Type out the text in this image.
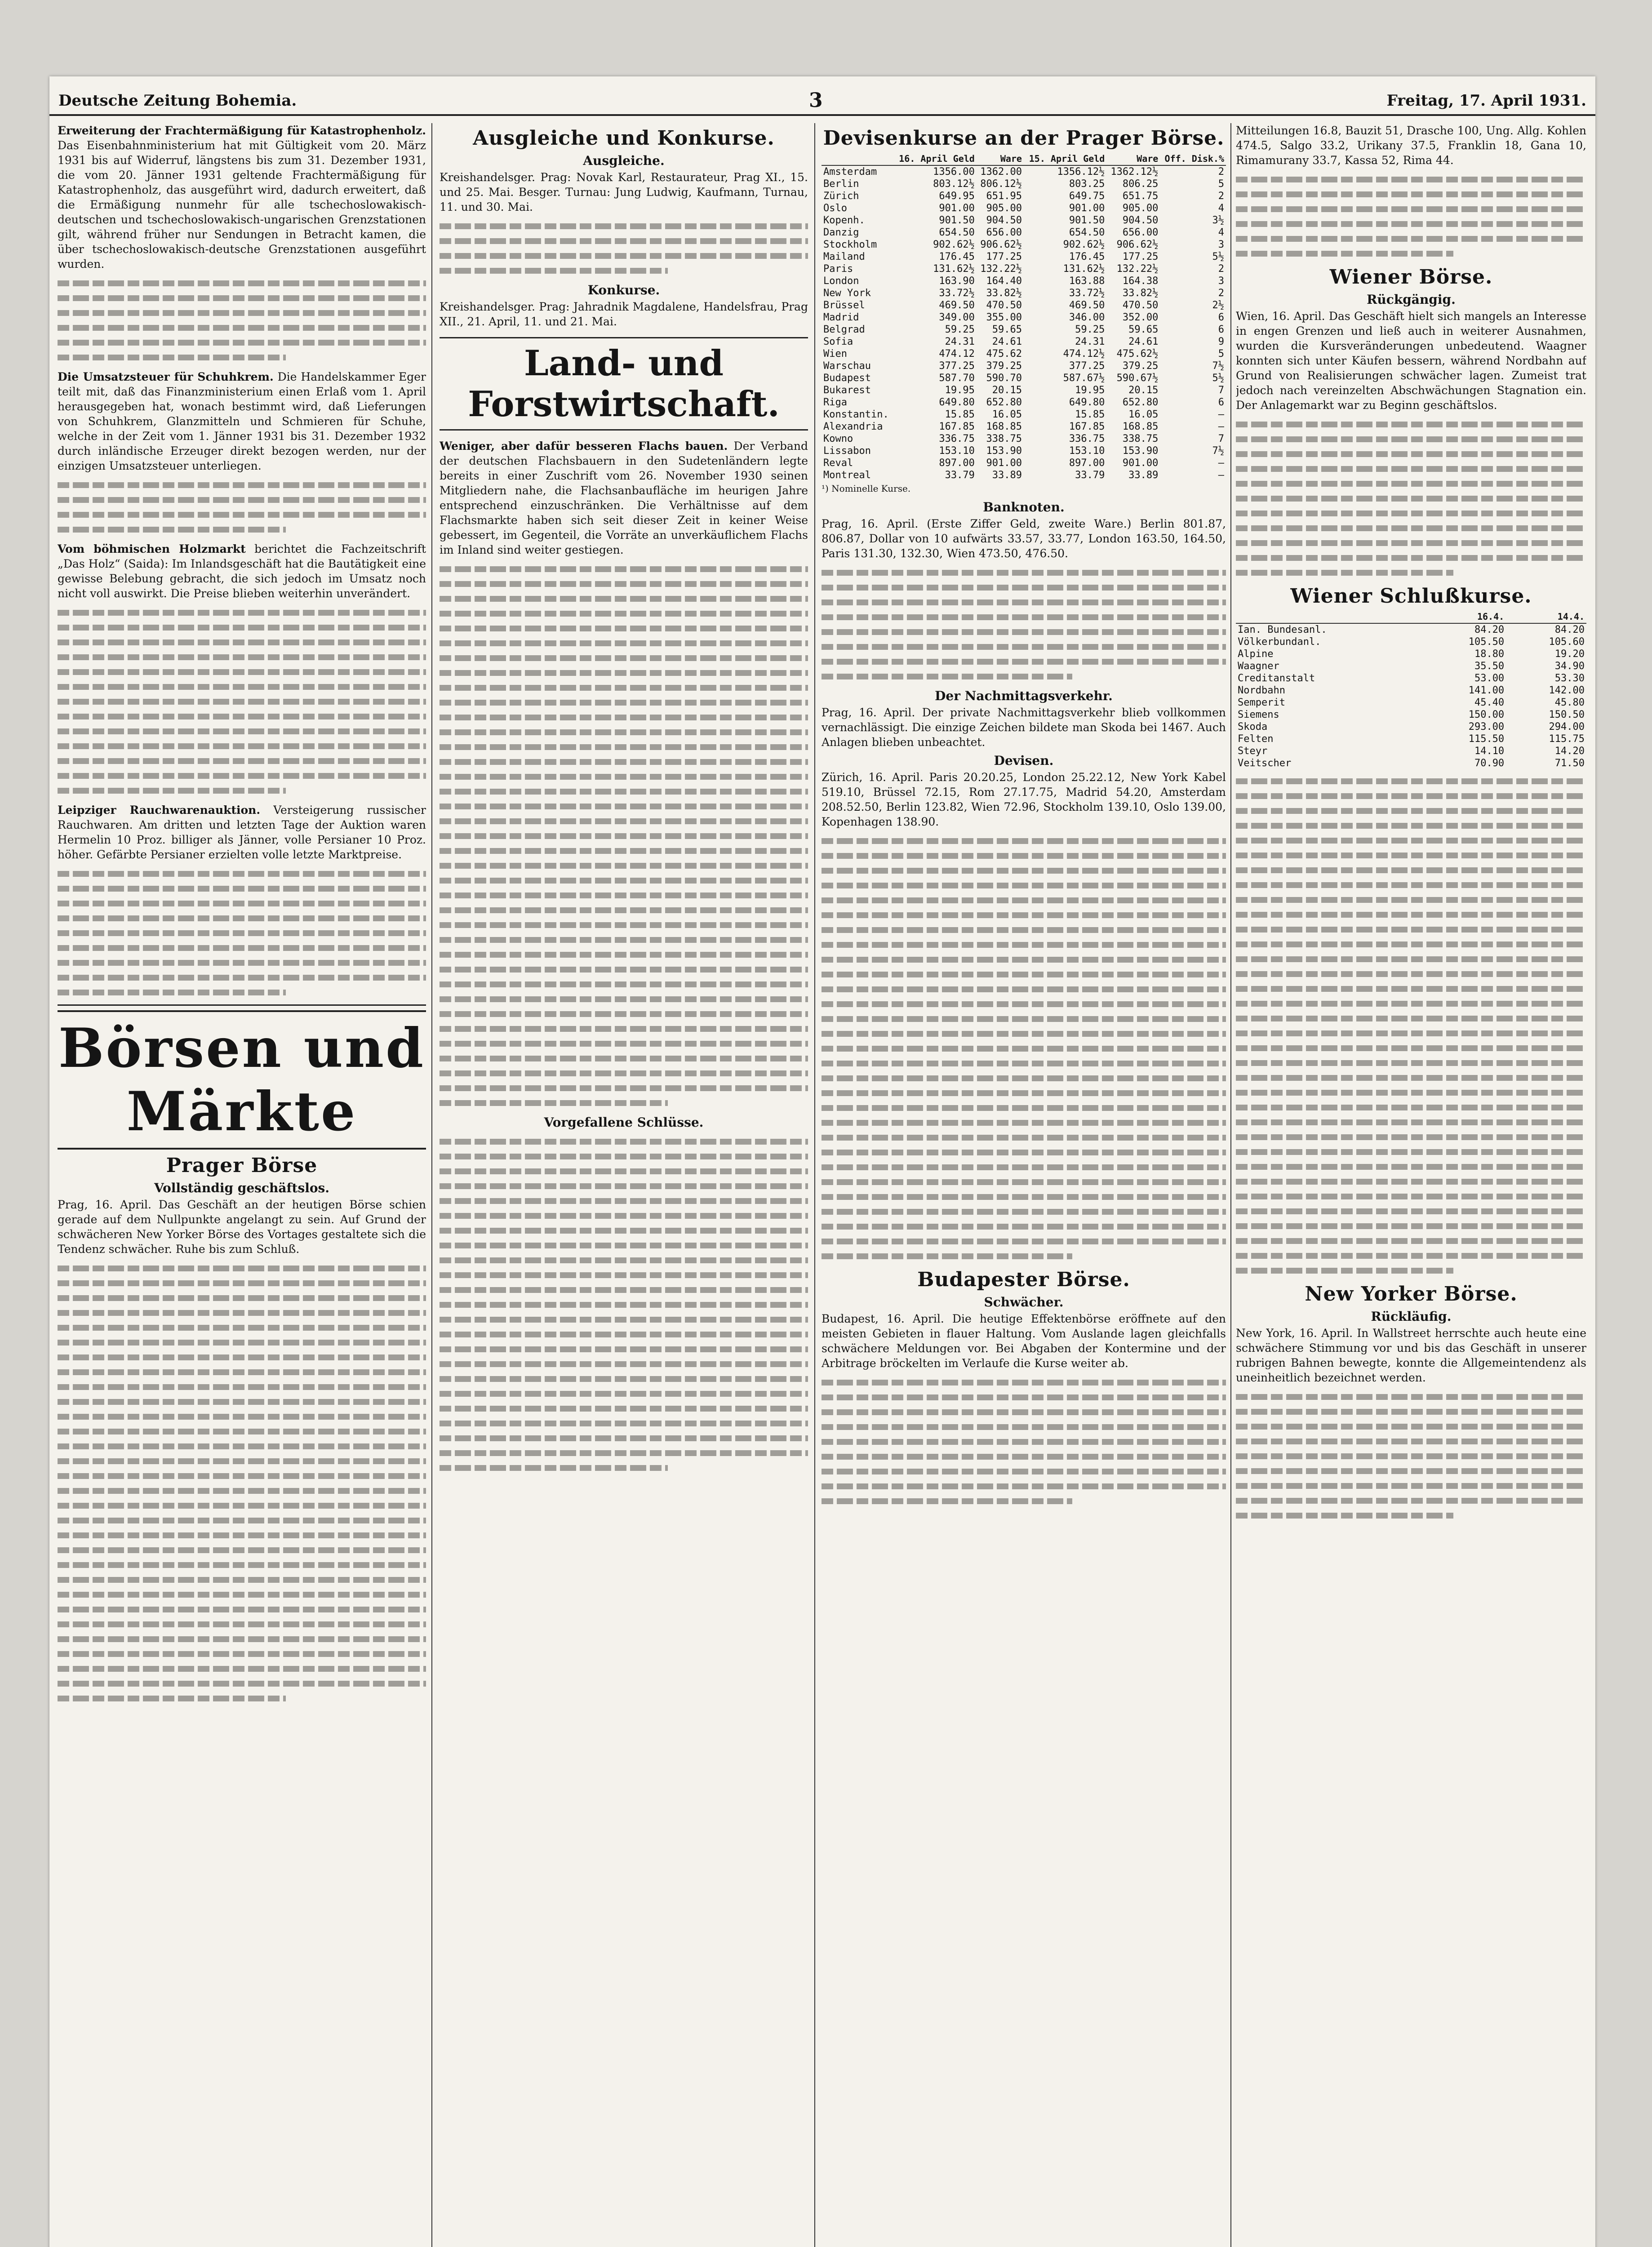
Deutsche Zeitung Bohemia.	3	Freitag, 17. April 1931.

Erweiterung der Frachtermäßigung für Katastrophenholz. Das Eisenbahnministerium hat mit Gültigkeit vom 20. März 1931 bis auf Widerruf, längstens bis zum 31. Dezember 1931, die vom 20. Jänner 1931 geltende Frachtermäßigung für Katastrophenholz, das ausgeführt wird, dadurch erweitert, daß die Ermäßigung nunmehr für alle tschechoslowakisch-deutschen und tschechoslowakisch-ungarischen Grenzstationen gilt, während früher nur Sendungen in Betracht kamen, die über tschechoslowakisch-deutsche Grenzstationen ausgeführt wurden.

Die Umsatzsteuer für Schuhkrem. Die Handelskammer Eger teilt mit, daß das Finanzministerium einen Erlaß vom 1. April herausgegeben hat, wonach bestimmt wird, daß Lieferungen von Schuhkrem, Glanzmitteln und Schmieren für Schuhe, welche in der Zeit vom 1. Jänner 1931 bis 31. Dezember 1932 durch inländische Erzeuger direkt bezogen werden, nur der einzigen Umsatzsteuer unterliegen.

Vom böhmischen Holzmarkt berichtet die Fachzeitschrift „Das Holz“ (Saida): Im Inlandsgeschäft hat die Bautätigkeit eine gewisse Belebung gebracht, die sich jedoch im Umsatz noch nicht voll auswirkt. Die Preise blieben weiterhin unverändert.

Leipziger Rauchwarenauktion. Versteigerung russischer Rauchwaren. Am dritten und letzten Tage der Auktion waren Hermelin 10 Proz. billiger als Jänner, volle Persianer 10 Proz. höher. Gefärbte Persianer erzielten volle letzte Marktpreise.

Börsen und Märkte
Prager Börse
Vollständig geschäftslos.

Prag, 16. April. Das Geschäft an der heutigen Börse schien gerade auf dem Nullpunkte angelangt zu sein. Auf Grund der schwächeren New Yorker Börse des Vortages gestaltete sich die Tendenz schwächer. Ruhe bis zum Schluß.

Ausgleiche und Konkurse.
Ausgleiche.

Kreishandelsger. Prag: Novak Karl, Restaurateur, Prag XI., 15. und 25. Mai. Besger. Turnau: Jung Ludwig, Kaufmann, Turnau, 11. und 30. Mai.

Konkurse.

Kreishandelsger. Prag: Jahradnik Magdalene, Handelsfrau, Prag XII., 21. April, 11. und 21. Mai.

Land- und Forstwirtschaft.

Weniger, aber dafür besseren Flachs bauen. Der Verband der deutschen Flachsbauern in den Sudetenländern legte bereits in einer Zuschrift vom 26. November 1930 seinen Mitgliedern nahe, die Flachsanbaufläche im heurigen Jahre entsprechend einzuschränken. Die Verhältnisse auf dem Flachsmarkte haben sich seit dieser Zeit in keiner Weise gebessert, im Gegenteil, die Vorräte an unverkäuflichem Flachs im Inland sind weiter gestiegen.

Vorgefallene Schlüsse.
Devisenkurse an der Prager Börse.
	16. April Geld	Ware	15. April Geld	Ware	Off. Disk.%
Amsterdam	1356.00	1362.00	1356.12½	1362.12½	2
Berlin	803.12½	806.12½	803.25	806.25	5
Zürich	649.95	651.95	649.75	651.75	2
Oslo	901.00	905.00	901.00	905.00	4
Kopenh.	901.50	904.50	901.50	904.50	3½
Danzig	654.50	656.00	654.50	656.00	4
Stockholm	902.62½	906.62½	902.62½	906.62½	3
Mailand	176.45	177.25	176.45	177.25	5½
Paris	131.62½	132.22½	131.62½	132.22½	2
London	163.90	164.40	163.88	164.38	3
New York	33.72½	33.82½	33.72½	33.82½	2
Brüssel	469.50	470.50	469.50	470.50	2½
Madrid	349.00	355.00	346.00	352.00	6
Belgrad	59.25	59.65	59.25	59.65	6
Sofia	24.31	24.61	24.31	24.61	9
Wien	474.12	475.62	474.12½	475.62½	5
Warschau	377.25	379.25	377.25	379.25	7½
Budapest	587.70	590.70	587.67½	590.67½	5½
Bukarest	19.95	20.15	19.95	20.15	7
Riga	649.80	652.80	649.80	652.80	6
Konstantin.	15.85	16.05	15.85	16.05	—
Alexandria	167.85	168.85	167.85	168.85	—
Kowno	336.75	338.75	336.75	338.75	7
Lissabon	153.10	153.90	153.10	153.90	7½
Reval	897.00	901.00	897.00	901.00	—
Montreal	33.79	33.89	33.79	33.89	—

¹) Nominelle Kurse.

Banknoten.

Prag, 16. April. (Erste Ziffer Geld, zweite Ware.) Berlin 801.87, 806.87, Dollar von 10 aufwärts 33.57, 33.77, London 163.50, 164.50, Paris 131.30, 132.30, Wien 473.50, 476.50.

Der Nachmittagsverkehr.

Prag, 16. April. Der private Nachmittagsverkehr blieb vollkommen vernachlässigt. Die einzige Zeichen bildete man Skoda bei 1467. Auch Anlagen blieben unbeachtet.

Devisen.

Zürich, 16. April. Paris 20.20.25, London 25.22.12, New York Kabel 519.10, Brüssel 72.15, Rom 27.17.75, Madrid 54.20, Amsterdam 208.52.50, Berlin 123.82, Wien 72.96, Stockholm 139.10, Oslo 139.00, Kopenhagen 138.90.

Budapester Börse.
Schwächer.

Budapest, 16. April. Die heutige Effektenbörse eröffnete auf den meisten Gebieten in flauer Haltung. Vom Auslande lagen gleichfalls schwächere Meldungen vor. Bei Abgaben der Kontermine und der Arbitrage bröckelten im Verlaufe die Kurse weiter ab.

Mitteilungen 16.8, Bauzit 51, Drasche 100, Ung. Allg. Kohlen 474.5, Salgo 33.2, Urikany 37.5, Franklin 18, Gana 10, Rimamurany 33.7, Kassa 52, Rima 44.

Wiener Börse.
Rückgängig.

Wien, 16. April. Das Geschäft hielt sich mangels an Interesse in engen Grenzen und ließ auch in weiterer Ausnahmen, wurden die Kursveränderungen unbedeutend. Waagner konnten sich unter Käufen bessern, während Nordbahn auf Grund von Realisierungen schwächer lagen. Zumeist trat jedoch nach vereinzelten Abschwächungen Stagnation ein. Der Anlagemarkt war zu Beginn geschäftslos.

Wiener Schlußkurse.
	16.4.	14.4.
Ian. Bundesanl.	84.20	84.20
Völkerbundanl.	105.50	105.60
Alpine	18.80	19.20
Waagner	35.50	34.90
Creditanstalt	53.00	53.30
Nordbahn	141.00	142.00
Semperit	45.40	45.80
Siemens	150.00	150.50
Skoda	293.00	294.00
Felten	115.50	115.75
Steyr	14.10	14.20
Veitscher	70.90	71.50
New Yorker Börse.
Rückläufig.

New York, 16. April. In Wallstreet herrschte auch heute eine schwächere Stimmung vor und bis das Geschäft in unserer rubrigen Bahnen bewegte, konnte die Allgemeintendenz als uneinheitlich bezeichnet werden.
